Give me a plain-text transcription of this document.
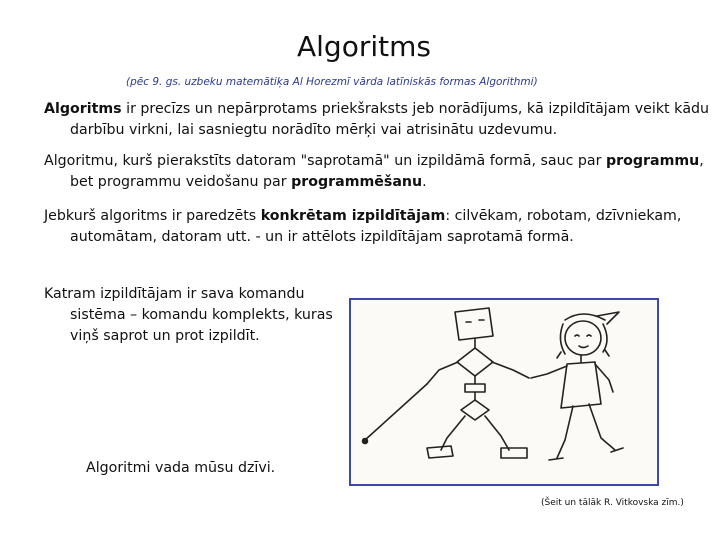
Algoritms
(pēc 9. gs. uzbeku matemātiķa Al Horezmī vārda latīniskās formas Algorithmi)
Algoritms ir precīzs un nepārprotams priekšraksts jeb norādījums, kā izpildītājam veikt kādu darbību virkni, lai sasniegtu norādīto mērķi vai atrisinātu uzdevumu.
Algoritmu, kurš pierakstīts datoram "saprotamā" un izpildāmā formā, sauc par programmu, bet programmu veidošanu par programmēšanu.
Jebkurš algoritms ir paredzēts konkrētam izpildītājam: cilvēkam, robotam, dzīvniekam, automātam, datoram utt. - un ir attēlots izpildītājam saprotamā formā.
Katram izpildītājam ir sava komandu sistēma – komandu komplekts, kuras viņš saprot un prot izpildīt.
Algoritmi vada mūsu dzīvi.
(Šeit un tālāk R. Vitkovska zīm.)
